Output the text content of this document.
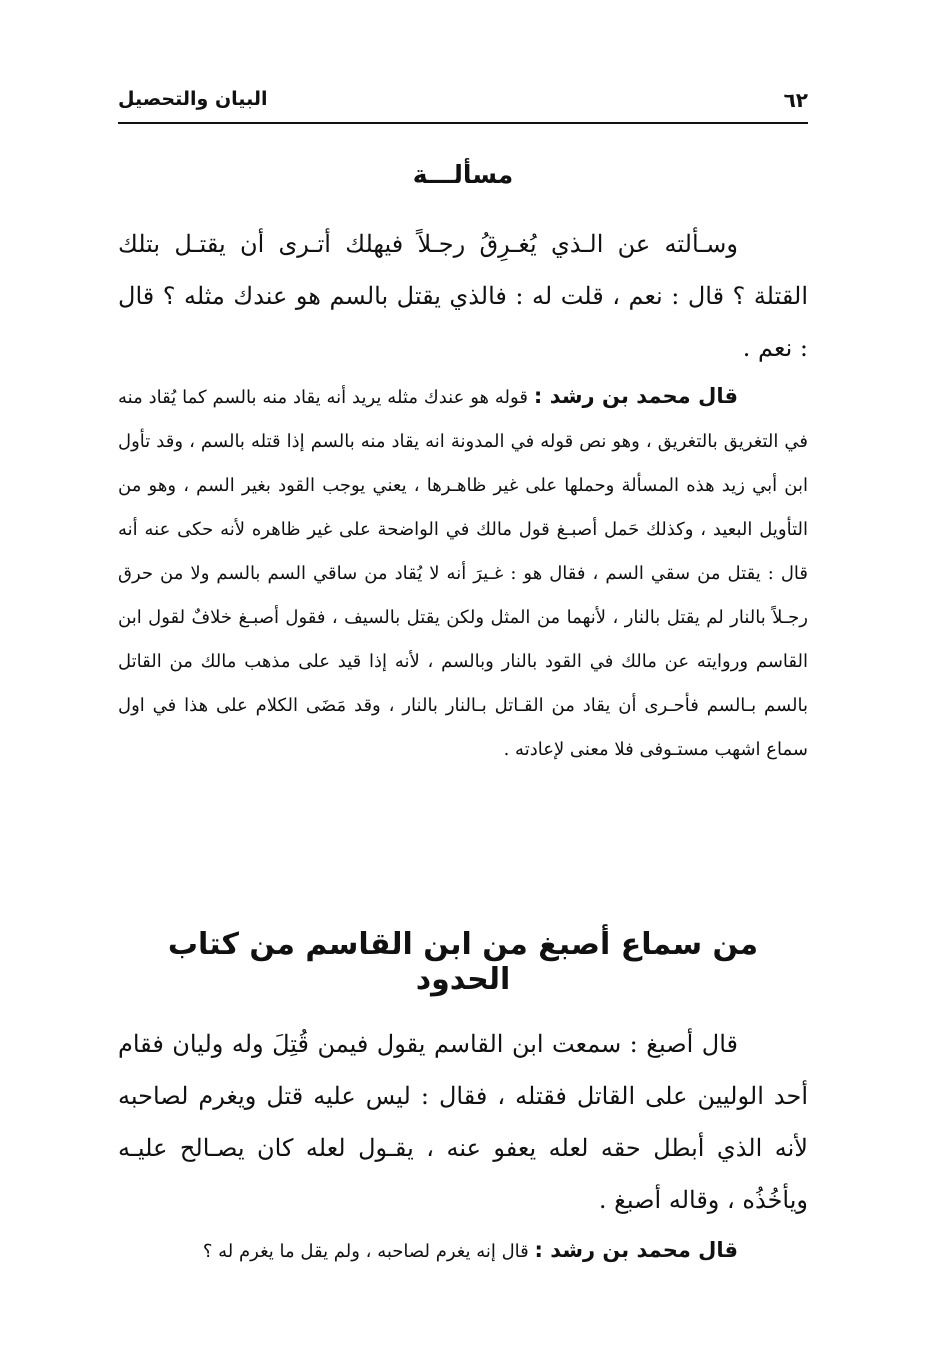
٦٢
البيان والتحصيل
مسألـــة

وسـألته عن الـذي يُغـرِقُ رجـلاً فيهلك أتـرى أن يقتـل بتلك القتلة ؟ قال : نعم ، قلت له : فالذي يقتل بالسم هو عندك مثله ؟ قال : نعم .

قال محمد بن رشد : قوله هو عندك مثله يريد أنه يقاد منه بالسم كما يُقاد منه في التغريق بالتغريق ، وهو نص قوله في المدونة انه يقاد منه بالسم إذا قتله بالسم ، وقد تأول ابن أبي زيد هذه المسألة وحملها على غير ظاهـرها ، يعني يوجب القود بغير السم ، وهو من التأويل البعيد ، وكذلك حَمل أصبـغ قول مالك في الواضحة على غير ظاهره لأنه حكى عنه أنه قال : يقتل من سقي السم ، فقال هو : غـيرَ أنه لا يُقاد من ساقي السم بالسم ولا من حرق رجـلاً بالنار لم يقتل بالنار ، لأنهما من المثل ولكن يقتل بالسيف ، فقول أصبـغ خلافٌ لقول ابن القاسم وروايته عن مالك في القود بالنار وبالسم ، لأنه إذا قيد على مذهب مالك من القاتل بالسم بـالسم فأحـرى أن يقاد من القـاتل بـالنار بالنار ، وقد مَضَى الكلام على هذا في اول سماع اشهب مستـوفى فلا معنى لإعادته .

من سماع أصبغ من ابن القاسم من كتاب الحدود

قال أصبغ : سمعت ابن القاسم يقول فيمن قُتِلَ وله وليان فقام أحد الوليين على القاتل فقتله ، فقال : ليس عليه قتل ويغرم لصاحبه لأنه الذي أبطل حقه لعله يعفو عنه ، يقـول لعله كان يصـالح عليـه ويأخُذُه ، وقاله أصبغ .

قال محمد بن رشد : قال إنه يغرم لصاحبه ، ولم يقل ما يغرم له ؟
